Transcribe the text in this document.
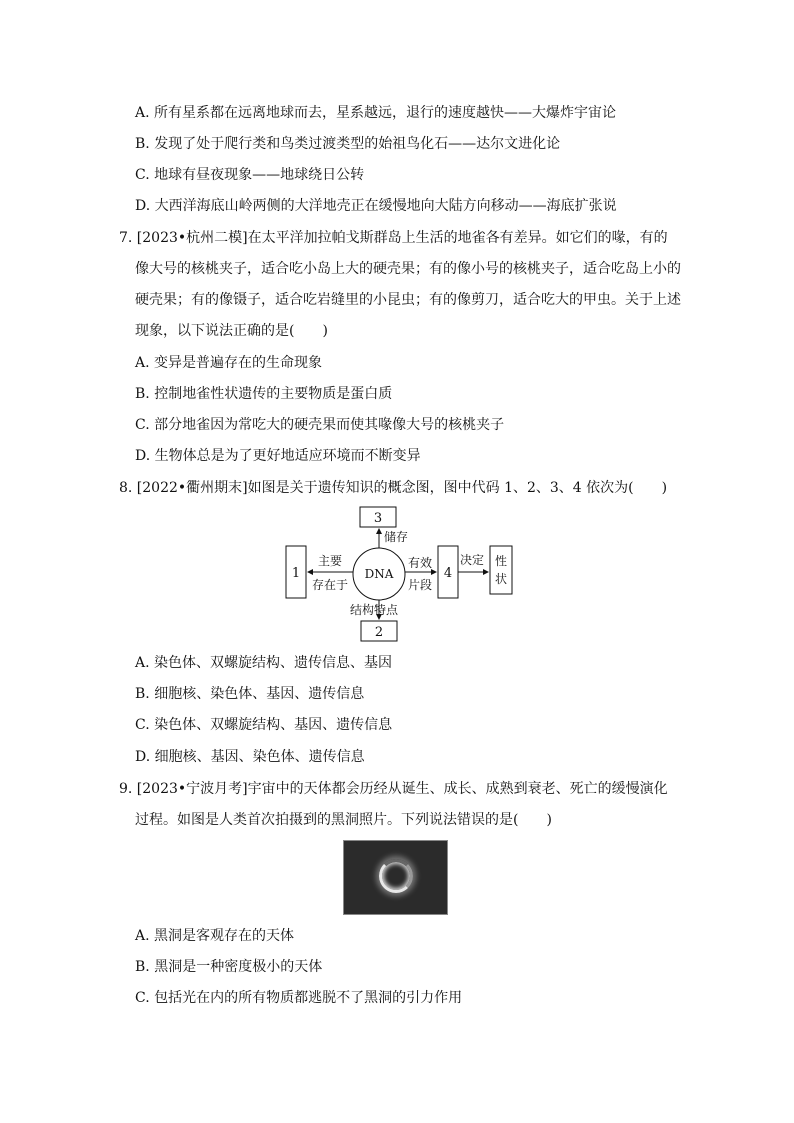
A. 所有星系都在远离地球而去，星系越远，退行的速度越快——大爆炸宇宙论
B. 发现了处于爬行类和鸟类过渡类型的始祖鸟化石——达尔文进化论
C. 地球有昼夜现象——地球绕日公转
D. 大西洋海底山岭两侧的大洋地壳正在缓慢地向大陆方向移动——海底扩张说
7. [2023•杭州二模]在太平洋加拉帕戈斯群岛上生活的地雀各有差异。如它们的喙，有的
像大号的核桃夹子，适合吃小岛上大的硬壳果；有的像小号的核桃夹子，适合吃岛上小的
硬壳果；有的像镊子，适合吃岩缝里的小昆虫；有的像剪刀，适合吃大的甲虫。关于上述
现象，以下说法正确的是(　　)
A. 变异是普遍存在的生命现象
B. 控制地雀性状遗传的主要物质是蛋白质
C. 部分地雀因为常吃大的硬壳果而使其喙像大号的核桃夹子
D. 生物体总是为了更好地适应环境而不断变异
8. [2022•衢州期末]如图是关于遗传知识的概念图，图中代码 1、2、3、4 依次为(　　)
3
1	DNA	4
性
状
2
储存
主要
存在于
有效
片段
决定
结构特点
A. 染色体、双螺旋结构、遗传信息、基因
B. 细胞核、染色体、基因、遗传信息
C. 染色体、双螺旋结构、基因、遗传信息
D. 细胞核、基因、染色体、遗传信息
9. [2023•宁波月考]宇宙中的天体都会历经从诞生、成长、成熟到衰老、死亡的缓慢演化
过程。如图是人类首次拍摄到的黑洞照片。下列说法错误的是(　　)
A. 黑洞是客观存在的天体
B. 黑洞是一种密度极小的天体
C. 包括光在内的所有物质都逃脱不了黑洞的引力作用
